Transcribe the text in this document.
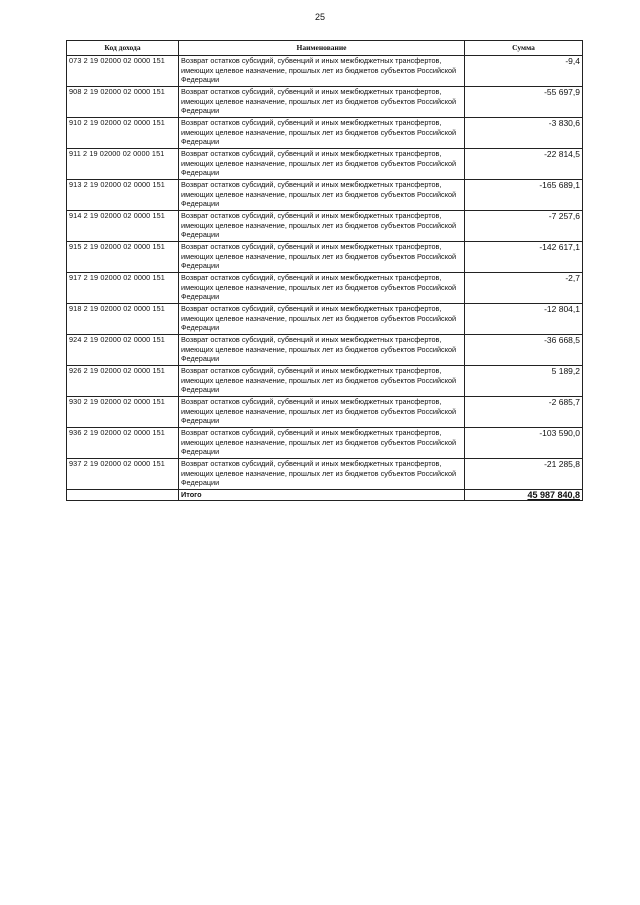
25
Код дохода	Наименование	Сумма
073 2 19 02000 02 0000 151	Возврат остатков субсидий, субвенций и иных межбюджетных трансфертов, имеющих целевое назначение, прошлых лет из бюджетов субъектов Российской Федерации	-9,4
908 2 19 02000 02 0000 151	Возврат остатков субсидий, субвенций и иных межбюджетных трансфертов, имеющих целевое назначение, прошлых лет из бюджетов субъектов Российской Федерации	-55 697,9
910 2 19 02000 02 0000 151	Возврат остатков субсидий, субвенций и иных межбюджетных трансфертов, имеющих целевое назначение, прошлых лет из бюджетов субъектов Российской Федерации	-3 830,6
911 2 19 02000 02 0000 151	Возврат остатков субсидий, субвенций и иных межбюджетных трансфертов, имеющих целевое назначение, прошлых лет из бюджетов субъектов Российской Федерации	-22 814,5
913 2 19 02000 02 0000 151	Возврат остатков субсидий, субвенций и иных межбюджетных трансфертов, имеющих целевое назначение, прошлых лет из бюджетов субъектов Российской Федерации	-165 689,1
914 2 19 02000 02 0000 151	Возврат остатков субсидий, субвенций и иных межбюджетных трансфертов, имеющих целевое назначение, прошлых лет из бюджетов субъектов Российской Федерации	-7 257,6
915 2 19 02000 02 0000 151	Возврат остатков субсидий, субвенций и иных межбюджетных трансфертов, имеющих целевое назначение, прошлых лет из бюджетов субъектов Российской Федерации	-142 617,1
917 2 19 02000 02 0000 151	Возврат остатков субсидий, субвенций и иных межбюджетных трансфертов, имеющих целевое назначение, прошлых лет из бюджетов субъектов Российской Федерации	-2,7
918 2 19 02000 02 0000 151	Возврат остатков субсидий, субвенций и иных межбюджетных трансфертов, имеющих целевое назначение, прошлых лет из бюджетов субъектов Российской Федерации	-12 804,1
924 2 19 02000 02 0000 151	Возврат остатков субсидий, субвенций и иных межбюджетных трансфертов, имеющих целевое назначение, прошлых лет из бюджетов субъектов Российской Федерации	-36 668,5
926 2 19 02000 02 0000 151	Возврат остатков субсидий, субвенций и иных межбюджетных трансфертов, имеющих целевое назначение, прошлых лет из бюджетов субъектов Российской Федерации	5 189,2
930 2 19 02000 02 0000 151	Возврат остатков субсидий, субвенций и иных межбюджетных трансфертов, имеющих целевое назначение, прошлых лет из бюджетов субъектов Российской Федерации	-2 685,7
936 2 19 02000 02 0000 151	Возврат остатков субсидий, субвенций и иных межбюджетных трансфертов, имеющих целевое назначение, прошлых лет из бюджетов субъектов Российской Федерации	-103 590,0
937 2 19 02000 02 0000 151	Возврат остатков субсидий, субвенций и иных межбюджетных трансфертов, имеющих целевое назначение, прошлых лет из бюджетов субъектов Российской Федерации	-21 285,8
	Итого	45 987 840,8
